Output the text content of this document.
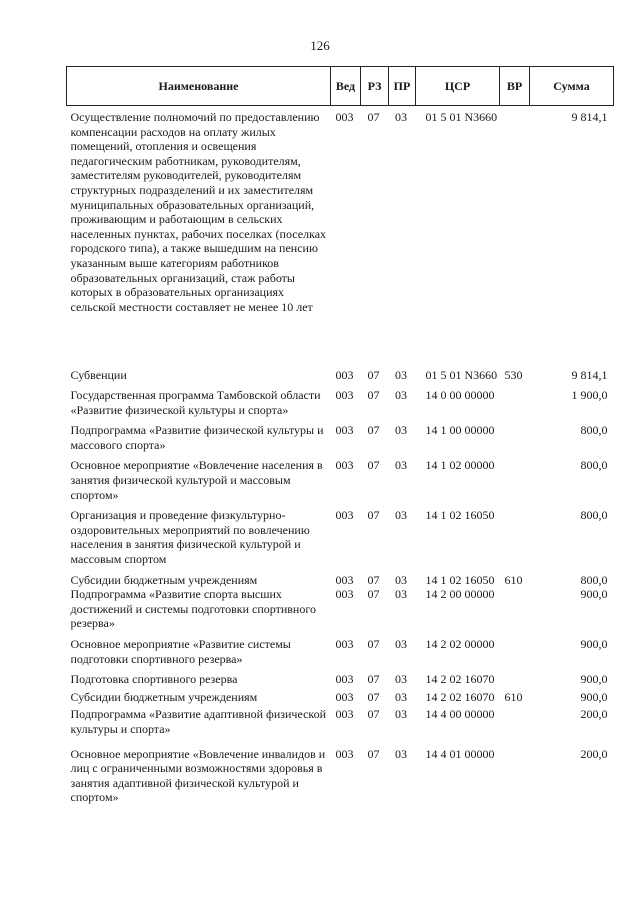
126
Наименование	Вед	РЗ	ПР	ЦСР	ВР	Сумма
Осуществление полномочий по предоставлению компенсации расходов на оплату жилых помещений, отопления и освещения педагогическим работникам, руководителям, заместителям руководителей, руководителям структурных подразделений и их заместителям муниципальных образовательных организаций, проживающим и работающим в сельских населенных пунктах, рабочих поселках (поселках городского типа), а также вышедшим на пенсию указанным выше категориям работников образовательных организаций, стаж работы которых в образовательных организациях сельской местности составляет не менее 10 лет	003	07	03	01 5 01 N3660		9 814,1
Субвенции	003	07	03	01 5 01 N3660	530	9 814,1
Государственная программа Тамбовской области «Развитие физической культуры и спорта»	003	07	03	14 0 00 00000		1 900,0
Подпрограмма «Развитие физической культуры и массового спорта»	003	07	03	14 1 00 00000		800,0
Основное мероприятие «Вовлечение населения в занятия физической культурой и массовым спортом»	003	07	03	14 1 02 00000		800,0
Организация и проведение физкультурно-оздоровительных мероприятий по вовлечению населения в занятия физической культурой и массовым спортом	003	07	03	14 1 02 16050		800,0
Субсидии бюджетным учреждениям	003	07	03	14 1 02 16050	610	800,0
Подпрограмма «Развитие спорта высших достижений и системы подготовки спортивного резерва»	003	07	03	14 2 00 00000		900,0
Основное мероприятие «Развитие системы подготовки спортивного резерва»	003	07	03	14 2 02 00000		900,0
Подготовка спортивного резерва	003	07	03	14 2 02 16070		900,0
Субсидии бюджетным учреждениям	003	07	03	14 2 02 16070	610	900,0
Подпрограмма «Развитие адаптивной физической культуры и спорта»	003	07	03	14 4 00 00000		200,0
Основное мероприятие «Вовлечение инвалидов и лиц с ограниченными возможностями здоровья в занятия адаптивной физической культурой и спортом»	003	07	03	14 4 01 00000		200,0
